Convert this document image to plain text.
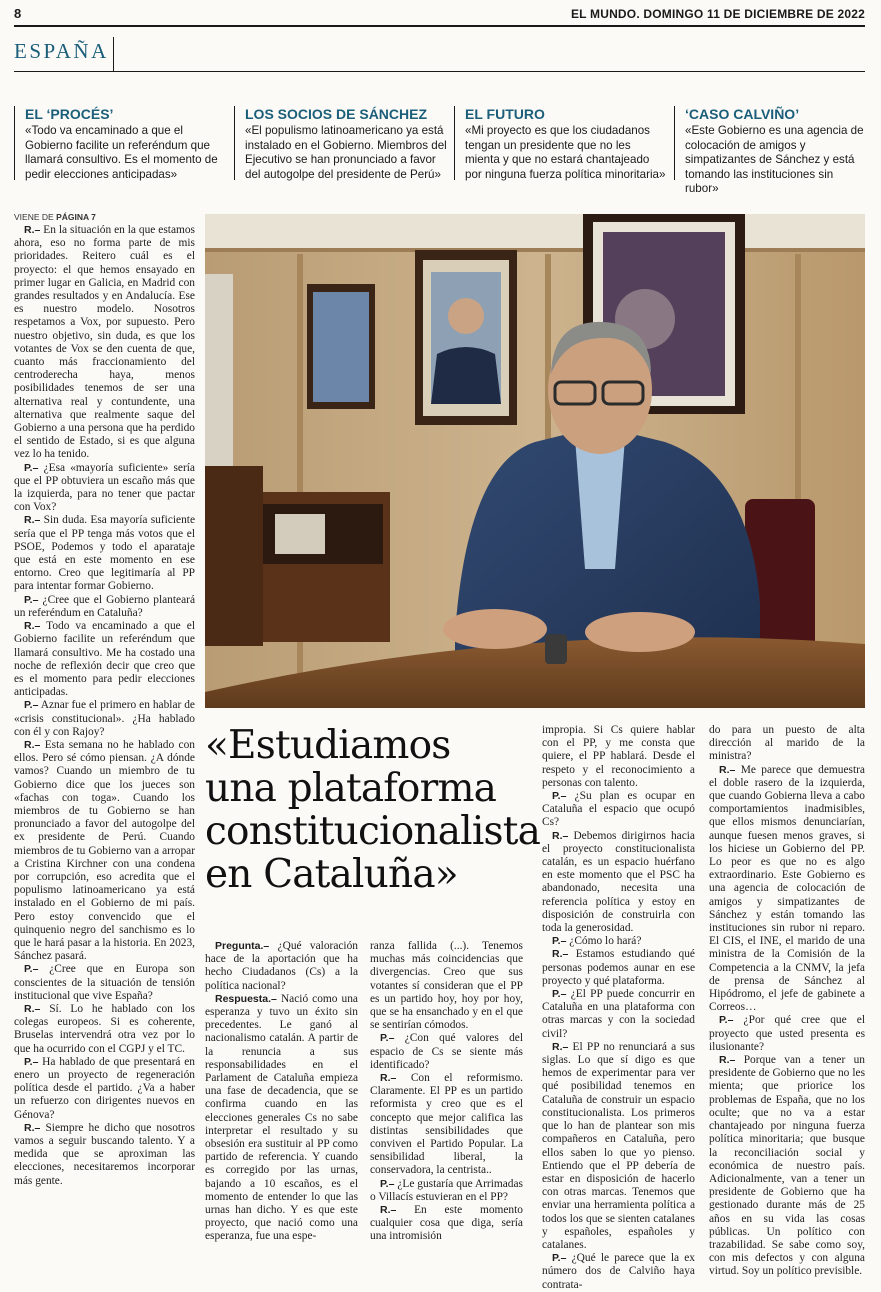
8	EL MUNDO. DOMINGO 11 DE DICIEMBRE DE 2022
ESPAÑA
EL ‘PROCÉS’
«Todo va encaminado a que el Gobierno facilite un referéndum que llamará consultivo. Es el momento de pedir elecciones anticipadas»
LOS SOCIOS DE SÁNCHEZ
«El populismo latinoamericano ya está instalado en el Gobierno. Miembros del Ejecutivo se han pronunciado a favor del autogolpe del presidente de Perú»
EL FUTURO
«Mi proyecto es que los ciudadanos tengan un presidente que no les mienta y que no estará chantajeado por ninguna fuerza política minoritaria»
‘CASO CALVIÑO’
«Este Gobierno es una agencia de colocación de amigos y simpatizantes de Sánchez y está tomando las instituciones sin rubor»
VIENE DE PÁGINA 7

R.– En la situación en la que estamos ahora, eso no forma parte de mis prioridades. Reitero cuál es el proyecto: el que hemos ensayado en primer lugar en Galicia, en Madrid con grandes resultados y en Andalucía. Ese es nuestro modelo. Nosotros respetamos a Vox, por supuesto. Pero nuestro objetivo, sin duda, es que los votantes de Vox se den cuenta de que, cuanto más fraccionamiento del centroderecha haya, menos posibilidades tenemos de ser una alternativa real y contundente, una alternativa que realmente saque del Gobierno a una persona que ha perdido el sentido de Estado, si es que alguna vez lo ha tenido.

P.– ¿Esa «mayoría suficiente» sería que el PP obtuviera un escaño más que la izquierda, para no tener que pactar con Vox?

R.– Sin duda. Esa mayoría suficiente sería que el PP tenga más votos que el PSOE, Podemos y todo el aparataje que está en este momento en ese entorno. Creo que legitimaría al PP para intentar formar Gobierno.

P.– ¿Cree que el Gobierno planteará un referéndum en Cataluña?

R.– Todo va encaminado a que el Gobierno facilite un referéndum que llamará consultivo. Me ha costado una noche de reflexión decir que creo que es el momento para pedir elecciones anticipadas.

P.– Aznar fue el primero en hablar de «crisis constitucional». ¿Ha hablado con él y con Rajoy?

R.– Esta semana no he hablado con ellos. Pero sé cómo piensan. ¿A dónde vamos? Cuando un miembro de tu Gobierno dice que los jueces son «fachas con toga». Cuando los miembros de tu Gobierno se han pronunciado a favor del autogolpe del ex presidente de Perú. Cuando miembros de tu Gobierno van a arropar a Cristina Kirchner con una condena por corrupción, eso acredita que el populismo latinoamericano ya está instalado en el Gobierno de mi país. Pero estoy convencido que el quinquenio negro del sanchismo es lo que le hará pasar a la historia. En 2023, Sánchez pasará.

P.– ¿Cree que en Europa son conscientes de la situación de tensión institucional que vive España?

R.– Sí. Lo he hablado con los colegas europeos. Si es coherente, Bruselas intervendrá otra vez por lo que ha ocurrido con el CGPJ y el TC.

P.– Ha hablado de que presentará en enero un proyecto de regeneración política desde el partido. ¿Va a haber un refuerzo con dirigentes nuevos en Génova?

R.– Siempre he dicho que nosotros vamos a seguir buscando talento. Y a medida que se aproximan las elecciones, necesitaremos incorporar más gente.

«Estudiamos una plataforma constitucionalista en Cataluña»

Pregunta.– ¿Qué valoración hace de la aportación que ha hecho Ciudadanos (Cs) a la política nacional?

Respuesta.– Nació como una esperanza y tuvo un éxito sin precedentes. Le ganó al nacionalismo catalán. A partir de la renuncia a sus responsabilidades en el Parlament de Cataluña empieza una fase de decadencia, que se confirma cuando en las elecciones generales Cs no sabe interpretar el resultado y su obsesión era sustituir al PP como partido de referencia. Y cuando es corregido por las urnas, bajando a 10 escaños, es el momento de entender lo que las urnas han dicho. Y es que este proyecto, que nació como una esperanza, fue una espe-

ranza fallida (...). Tenemos muchas más coincidencias que divergencias. Creo que sus votantes sí consideran que el PP es un partido hoy, hoy por hoy, que se ha ensanchado y en el que se sentirían cómodos.

P.– ¿Con qué valores del espacio de Cs se siente más identificado?

R.– Con el reformismo. Claramente. El PP es un partido reformista y creo que es el concepto que mejor califica las distintas sensibilidades que conviven el Partido Popular. La sensibilidad liberal, la conservadora, la centrista..

P.– ¿Le gustaría que Arrimadas o Villacís estuvieran en el PP?

R.– En este momento cualquier cosa que diga, sería una intromisión

impropia. Si Cs quiere hablar con el PP, y me consta que quiere, el PP hablará. Desde el respeto y el reconocimiento a personas con talento.

P.– ¿Su plan es ocupar en Cataluña el espacio que ocupó Cs?

R.– Debemos dirigirnos hacia el proyecto constitucionalista catalán, es un espacio huérfano en este momento que el PSC ha abandonado, necesita una referencia política y estoy en disposición de construirla con toda la generosidad.

P.– ¿Cómo lo hará?

R.– Estamos estudiando qué personas podemos aunar en ese proyecto y qué plataforma.

P.– ¿El PP puede concurrir en Cataluña en una plataforma con otras marcas y con la sociedad civil?

R.– El PP no renunciará a sus siglas. Lo que sí digo es que hemos de experimentar para ver qué posibilidad tenemos en Cataluña de construir un espacio constitucionalista. Los primeros que lo han de plantear son mis compañeros en Cataluña, pero ellos saben lo que yo pienso. Entiendo que el PP debería de estar en disposición de hacerlo con otras marcas. Tenemos que enviar una herramienta política a todos los que se sienten catalanes y españoles, españoles y catalanes.

P.– ¿Qué le parece que la ex número dos de Calviño haya contrata-

do para un puesto de alta dirección al marido de la ministra?

R.– Me parece que demuestra el doble rasero de la izquierda, que cuando Gobierna lleva a cabo comportamientos inadmisibles, que ellos mismos denunciarían, aunque fuesen menos graves, si los hiciese un Gobierno del PP. Lo peor es que no es algo extraordinario. Este Gobierno es una agencia de colocación de amigos y simpatizantes de Sánchez y están tomando las instituciones sin rubor ni reparo. El CIS, el INE, el marido de una ministra de la Comisión de la Competencia a la CNMV, la jefa de prensa de Sánchez al Hipódromo, el jefe de gabinete a Correos…

P.– ¿Por qué cree que el proyecto que usted presenta es ilusionante?

R.– Porque van a tener un presidente de Gobierno que no les mienta; que priorice los problemas de España, que no los oculte; que no va a estar chantajeado por ninguna fuerza política minoritaria; que busque la reconciliación social y económica de nuestro país. Adicionalmente, van a tener un presidente de Gobierno que ha gestionado durante más de 25 años en su vida las cosas públicas. Un político con trazabilidad. Se sabe como soy, con mis defectos y con alguna virtud. Soy un político previsible.
